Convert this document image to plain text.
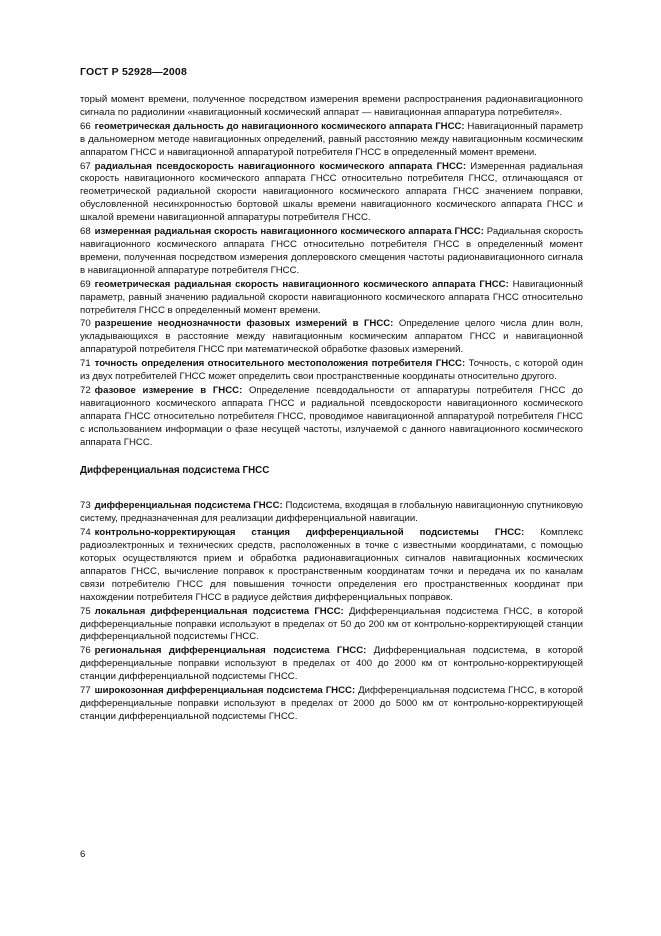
ГОСТ Р 52928—2008

торый момент времени, полученное посредством измерения времени распространения радионавигационного сигнала по радиолинии «навигационный космический аппарат — навигационная аппаратура потребителя».

66 геометрическая дальность до навигационного космического аппарата ГНСС: Навигационный параметр в дальномерном методе навигационных определений, равный расстоянию между навигационным космическим аппаратом ГНСС и навигационной аппаратурой потребителя ГНСС в определенный момент времени.

67 радиальная псевдоскорость навигационного космического аппарата ГНСС: Измеренная радиальная скорость навигационного космического аппарата ГНСС относительно потребителя ГНСС, отличающаяся от геометрической радиальной скорости навигационного космического аппарата ГНСС значением поправки, обусловленной несинхронностью бортовой шкалы времени навигационного космического аппарата ГНСС и шкалой времени навигационной аппаратуры потребителя ГНСС.

68 измеренная радиальная скорость навигационного космического аппарата ГНСС: Радиальная скорость навигационного космического аппарата ГНСС относительно потребителя ГНСС в определенный момент времени, полученная посредством измерения доплеровского смещения частоты радионавигационного сигнала в навигационной аппаратуре потребителя ГНСС.

69 геометрическая радиальная скорость навигационного космического аппарата ГНСС: Навигационный параметр, равный значению радиальной скорости навигационного космического аппарата ГНСС относительно потребителя ГНСС в определенный момент времени.

70 разрешение неоднозначности фазовых измерений в ГНСС: Определение целого числа длин волн, укладывающихся в расстояние между навигационным космическим аппаратом ГНСС и навигационной аппаратурой потребителя ГНСС при математической обработке фазовых измерений.

71 точность определения относительного местоположения потребителя ГНСС: Точность, с которой один из двух потребителей ГНСС может определить свои пространственные координаты относительно другого.

72 фазовое измерение в ГНСС: Определение псевдодальности от аппаратуры потребителя ГНСС до навигационного космического аппарата ГНСС и радиальной псевдоскорости навигационного космического аппарата ГНСС относительно потребителя ГНСС, проводимое навигационной аппаратурой потребителя ГНСС с использованием информации о фазе несущей частоты, излучаемой с данного навигационного космического аппарата ГНСС.

Дифференциальная подсистема ГНСС

73 дифференциальная подсистема ГНСС: Подсистема, входящая в глобальную навигационную спутниковую систему, предназначенная для реализации дифференциальной навигации.

74 контрольно-корректирующая станция дифференциальной подсистемы ГНСС: Комплекс радиоэлектронных и технических средств, расположенных в точке с известными координатами, с помощью которых осуществляются прием и обработка радионавигационных сигналов навигационных космических аппаратов ГНСС, вычисление поправок к пространственным координатам точки и передача их по каналам связи потребителю ГНСС для повышения точности определения его пространственных координат при нахождении потребителя ГНСС в радиусе действия дифференциальных поправок.

75 локальная дифференциальная подсистема ГНСС: Дифференциальная подсистема ГНСС, в которой дифференциальные поправки используют в пределах от 50 до 200 км от контрольно-корректирующей станции дифференциальной подсистемы ГНСС.

76 региональная дифференциальная подсистема ГНСС: Дифференциальная подсистема, в которой дифференциальные поправки используют в пределах от 400 до 2000 км от контрольно-корректирующей станции дифференциальной подсистемы ГНСС.

77 широкозонная дифференциальная подсистема ГНСС: Дифференциальная подсистема ГНСС, в которой дифференциальные поправки используют в пределах от 2000 до 5000 км от контрольно-корректирующей станции дифференциальной подсистемы ГНСС.

6
